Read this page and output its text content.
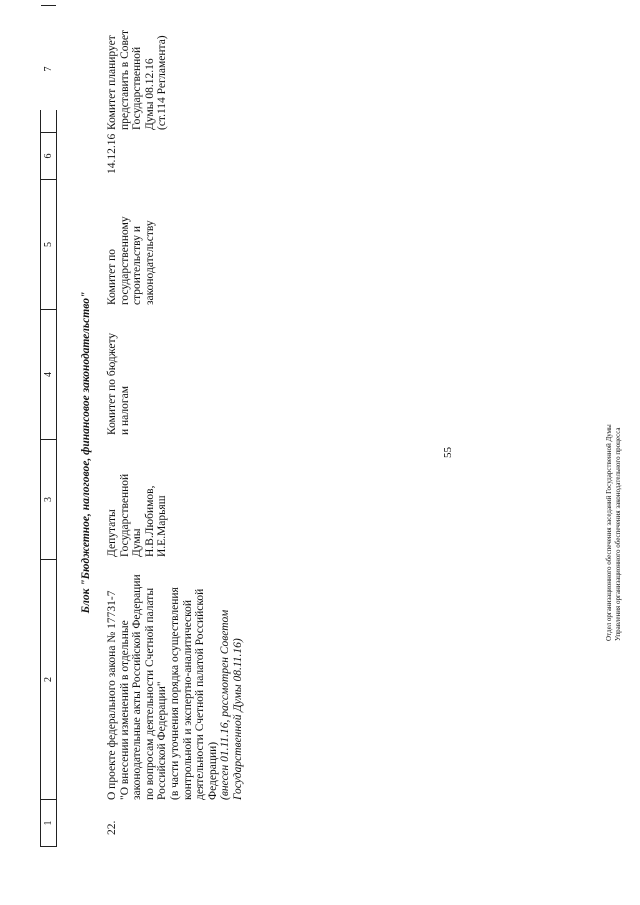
55
1
2
3
4
5
6
7
Блок "Бюджетное, налоговое, финансовое законодательство"
22.
О проекте федерального закона № 17731-7 "О внесении изменений в отдельные законодательные акты Российской Федерации по вопросам деятельности Счетной палаты Российской Федерации" (в части уточнения порядка осуществления контрольной и экспертно-аналитической деятельности Счетной палатой Российской Федерации) (внесен 01.11.16, рассмотрен Советом Государственной Думы 08.11.16)
Депутаты Государственной Думы Н.В.Любимов, И.Е.Марьяш
Комитет по бюджету и налогам
Комитет по государственному строительству и законодательству
14.12.16
Комитет планирует представить в Совет Государственной Думы 08.12.16 (ст.114 Регламента)
Отдел организационного обеспечения заседаний Государственной Думы Управления организационного обеспечения законодательного процесса
